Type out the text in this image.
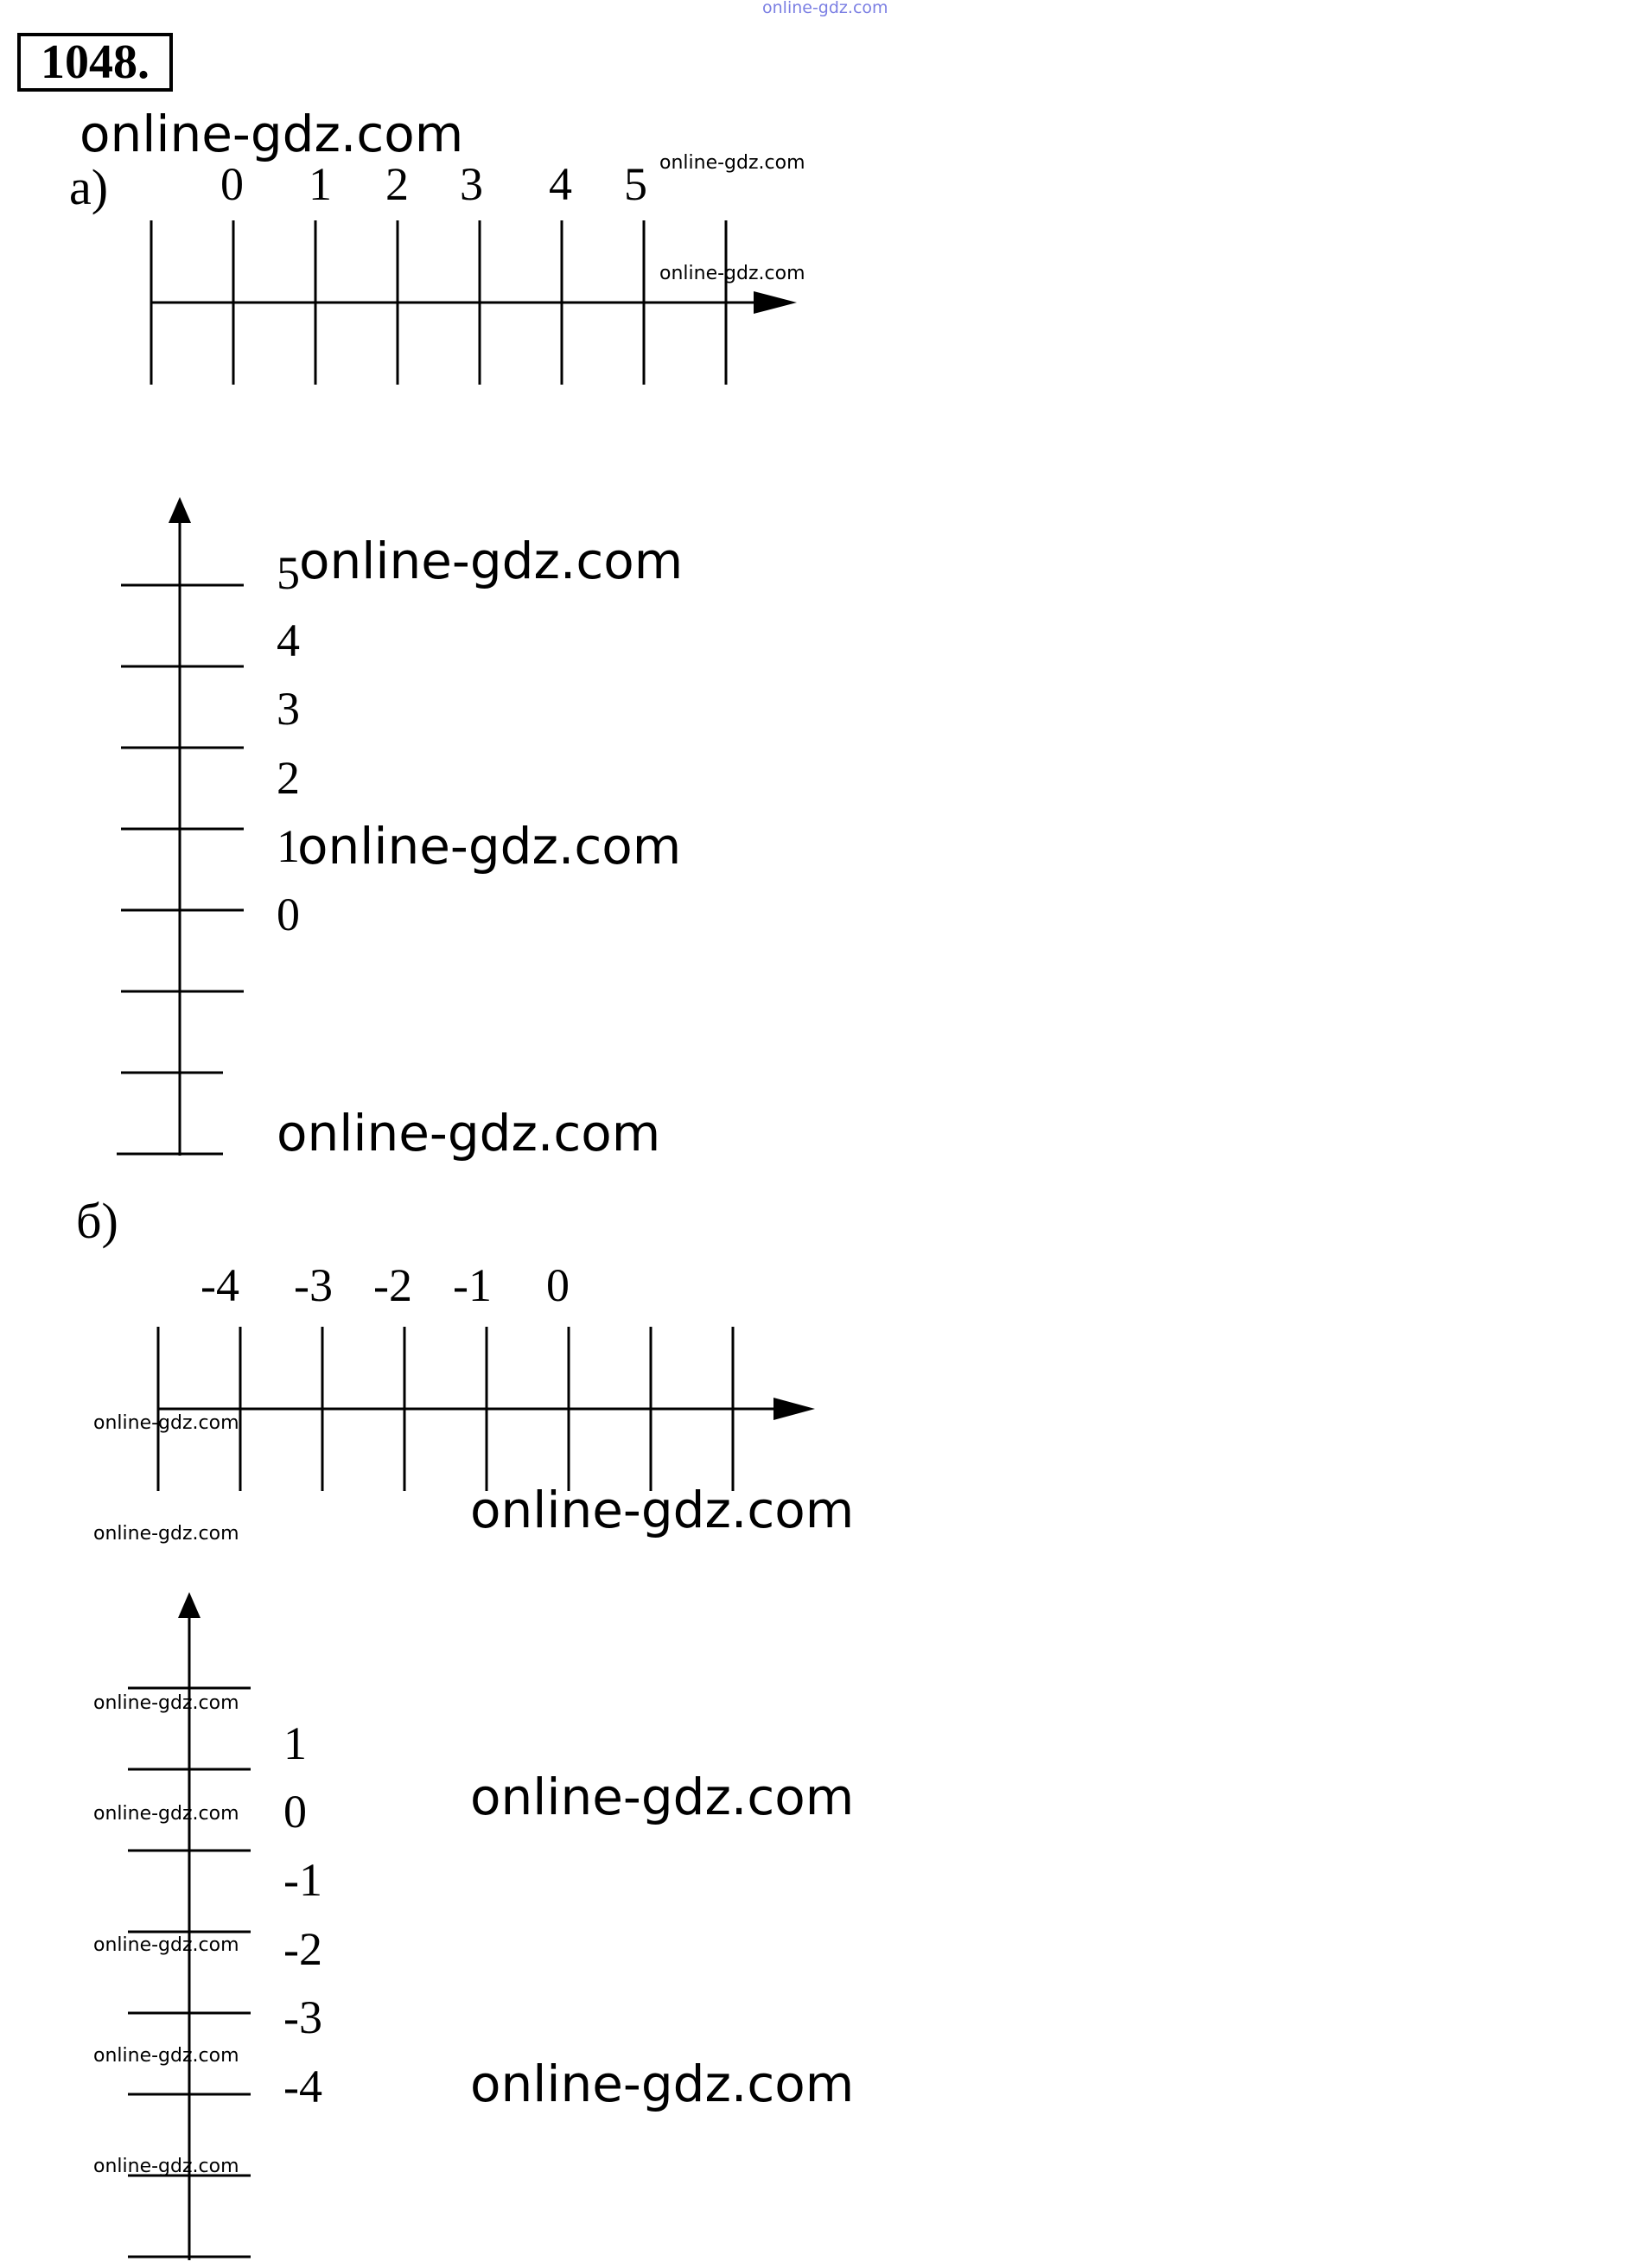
online-gdz.com
1048.
а) 0 1 2 3 4 5
5
4
3
2
1
0
б)
-4 -3 -2 -1 0
1
0
-1
-2
-3
-4
online-gdz.com
online-gdz.com
online-gdz.com
online-gdz.com
online-gdz.com
online-gdz.com
online-gdz.com
online-gdz.com
online-gdz.com
online-gdz.com
online-gdz.com
online-gdz.com
online-gdz.com
online-gdz.com
online-gdz.com
online-gdz.com
